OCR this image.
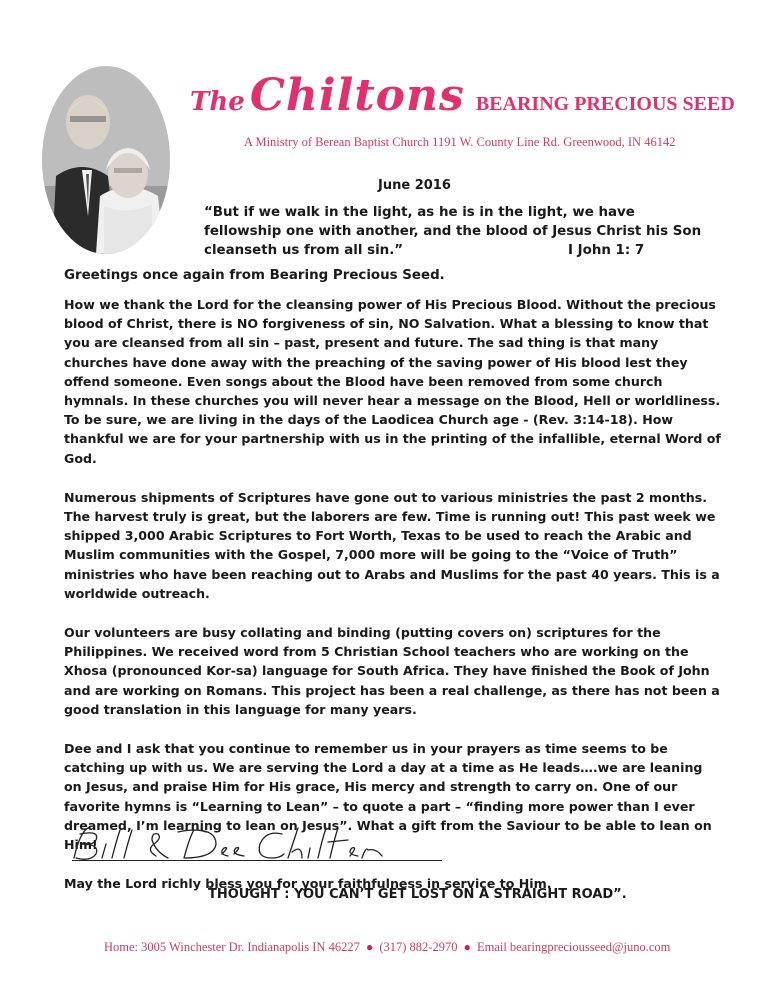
The Chiltons BEARING PRECIOUS SEED
A Ministry of Berean Baptist Church 1191 W. County Line Rd. Greenwood, IN 46142
June 2016
“But if we walk in the light, as he is in the light, we have fellowship one with another, and the blood of Jesus Christ his Son cleanseth us from all sin.”	I John 1: 7
Greetings once again from Bearing Precious Seed.

How we thank the Lord for the cleansing power of His Precious Blood. Without the precious blood of Christ, there is NO forgiveness of sin, NO Salvation. What a blessing to know that you are cleansed from all sin – past, present and future. The sad thing is that many churches have done away with the preaching of the saving power of His blood lest they offend someone. Even songs about the Blood have been removed from some church hymnals. In these churches you will never hear a message on the Blood, Hell or worldliness. To be sure, we are living in the days of the Laodicea Church age - (Rev. 3:14-18). How thankful we are for your partnership with us in the printing of the infallible, eternal Word of God.

Numerous shipments of Scriptures have gone out to various ministries the past 2 months. The harvest truly is great, but the laborers are few. Time is running out! This past week we shipped 3,000 Arabic Scriptures to Fort Worth, Texas to be used to reach the Arabic and Muslim communities with the Gospel, 7,000 more will be going to the “Voice of Truth” ministries who have been reaching out to Arabs and Muslims for the past 40 years. This is a worldwide outreach.

Our volunteers are busy collating and binding (putting covers on) scriptures for the Philippines. We received word from 5 Christian School teachers who are working on the Xhosa (pronounced Kor-sa) language for South Africa. They have finished the Book of John and are working on Romans. This project has been a real challenge, as there has not been a good translation in this language for many years.

Dee and I ask that you continue to remember us in your prayers as time seems to be catching up with us. We are serving the Lord a day at a time as He leads….we are leaning on Jesus, and praise Him for His grace, His mercy and strength to carry on. One of our favorite hymns is “Learning to Lean” – to quote a part – “finding more power than I ever dreamed, I’m learning to lean on Jesus”. What a gift from the Saviour to be able to lean on Him!

May the Lord richly bless you for your faithfulness in service to Him.

THOUGHT : YOU CAN’T GET LOST ON A STRAIGHT ROAD”.
Home: 3005 Winchester Dr. Indianapolis IN 46227 ● (317) 882-2970 ● Email bearingpreciousseed@juno.com
